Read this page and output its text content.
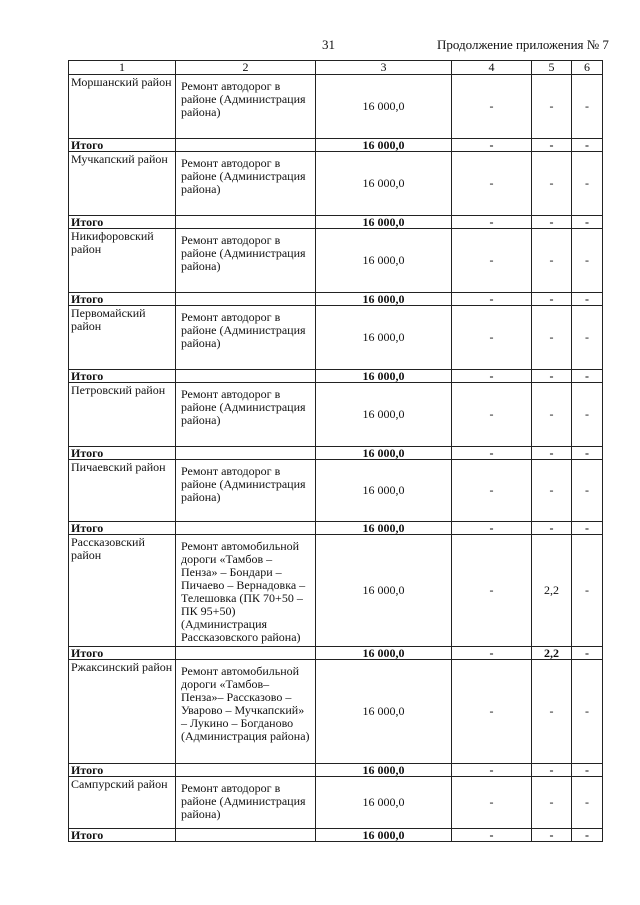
31	Продолжение приложения № 7
1	2	3	4	5	6
Моршанский район	Ремонт автодорог в районе (Администрация района)	16 000,0	-	-	-
Итого		16 000,0	-	-	-
Мучкапский район	Ремонт автодорог в районе (Администрация района)	16 000,0	-	-	-
Итого		16 000,0	-	-	-
Никифоровский район	Ремонт автодорог в районе (Администрация района)	16 000,0	-	-	-
Итого		16 000,0	-	-	-
Первомайский район	Ремонт автодорог в районе (Администрация района)	16 000,0	-	-	-
Итого		16 000,0	-	-	-
Петровский район	Ремонт автодорог в районе (Администрация района)	16 000,0	-	-	-
Итого		16 000,0	-	-	-
Пичаевский район	Ремонт автодорог в районе (Администрация района)	16 000,0	-	-	-
Итого		16 000,0	-	-	-
Рассказовский район	Ремонт автомобильной дороги «Тамбов – Пенза» – Бондари – Пичаево – Вернадовка – Телешовка (ПК 70+50 – ПК 95+50) (Администрация Рассказовского района)	16 000,0	-	2,2	-
Итого		16 000,0	-	2,2	-
Ржаксинский район	Ремонт автомобильной дороги «Тамбов–Пенза»– Рассказово – Уварово – Мучкапский» – Лукино – Богданово (Администрация района)	16 000,0	-	-	-
Итого		16 000,0	-	-	-
Сампурский район	Ремонт автодорог в районе (Администрация района)	16 000,0	-	-	-
Итого		16 000,0	-	-	-
